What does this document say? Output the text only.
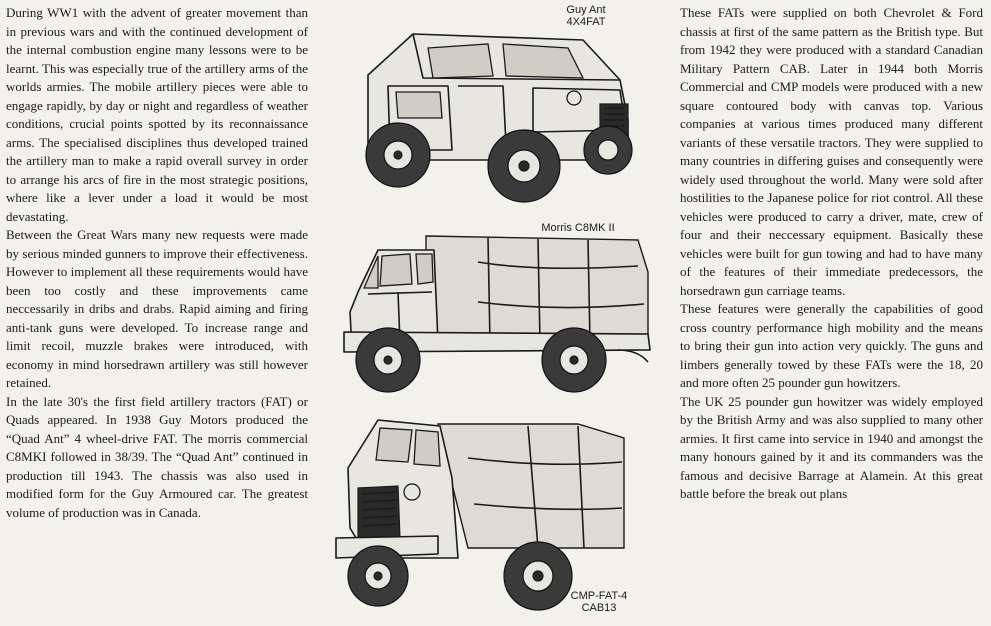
During WW1 with the advent of greater movement than in previous wars and with the continued development of the internal combustion engine many lessons were to be learnt. This was especially true of the artillery arms of the worlds armies. The mobile artillery pieces were able to engage rapidly, by day or night and regardless of weather conditions, crucial points spotted by its reconnaissance arms. The specialised disciplines thus developed trained the artillery man to make a rapid overall survey in order to arrange his arcs of fire in the most strategic positions, where like a lever under a load it would be most devastating.

Between the Great Wars many new requests were made by serious minded gunners to improve their effectiveness. However to implement all these requirements would have been too costly and these improvements came neccessarily in dribs and drabs. Rapid aiming and firing anti-tank guns were developed. To increase range and limit recoil, muzzle brakes were introduced, with economy in mind horsedrawn artillery was still however retained.

In the late 30's the first field artillery tractors (FAT) or Quads appeared. In 1938 Guy Motors produced the “Quad Ant” 4 wheel-drive FAT. The morris commercial C8MKI followed in 38/39. The “Quad Ant” continued in production till 1943. The chassis was also used in modified form for the Guy Armoured car. The greatest volume of production was in Canada.

Guy Ant
4X4FAT
Morris C8MK II
CMP-FAT-4
CAB13

These FATs were supplied on both Chevrolet & Ford chassis at first of the same pattern as the British type. But from 1942 they were produced with a standard Canadian Military Pattern CAB. Later in 1944 both Morris Commercial and CMP models were produced with a new square contoured body with canvas top. Various companies at various times produced many different variants of these versatile tractors. They were supplied to many countries in differing guises and consequently were widely used throughout the world. Many were sold after hostilities to the Japanese police for riot control. All these vehicles were produced to carry a driver, mate, crew of four and their neccessary equipment. Basically these vehicles were built for gun towing and had to have many of the features of their immediate predecessors, the horsedrawn gun carriage teams.

These features were generally the capabilities of good cross country performance high mobility and the means to bring their gun into action very quickly. The guns and limbers generally towed by these FATs were the 18, 20 and more often 25 pounder gun howitzers.

The UK 25 pounder gun howitzer was widely employed by the British Army and was also supplied to many other armies. It first came into service in 1940 and amongst the many honours gained by it and its commanders was the famous and decisive Barrage at Alamein. At this great battle before the break out plans
